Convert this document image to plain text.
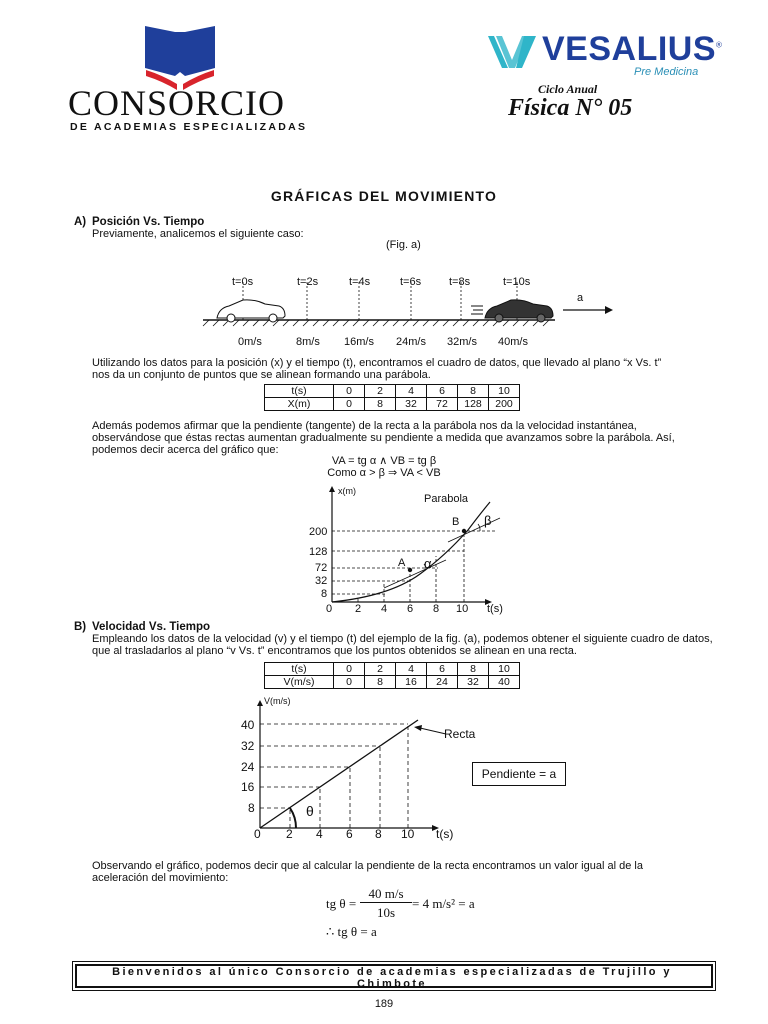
CONSORCIO
DE ACADEMIAS ESPECIALIZADAS
VESALIUS®
Pre Medicina
Ciclo Anual
Física N° 05
GRÁFICAS DEL MOVIMIENTO
A) Posición Vs. Tiempo
Previamente, analicemos el siguiente caso:
(Fig. a)
t=0s	t=2s	t=4s	t=6s	t=8s	t=10s
a
0m/s	8m/s 16m/s 24m/s 32m/s 40m/s
Utilizando los datos para la posición (x) y el tiempo (t), encontramos el cuadro de datos, que llevado al plano “x Vs. t”
nos da un conjunto de puntos que se alinean formando una parábola.
t(s)	0	2	4	6	8	10
X(m)	0	8	32	72	128	200
Además podemos afirmar que la pendiente (tangente) de la recta a la parábola nos da la velocidad instantánea,
observándose que éstas rectas aumentan gradualmente su pendiente a medida que avanzamos sobre la parábola. Así,
podemos decir acerca del gráfico que:
VA = tg α ∧ VB = tg β
Como α > β ⇒ VA < VB
x(m)
Parabola
B β
A α
200
128
72
32
8
0 2 4 6 8 10 t(s)
B) Velocidad Vs. Tiempo
Empleando los datos de la velocidad (v) y el tiempo (t) del ejemplo de la fig. (a), podemos obtener el siguiente cuadro de datos,
que al trasladarlos al plano “v Vs. t” encontramos que los puntos obtenidos se alinean en una recta.
t(s)	0	2	4	6	8	10
V(m/s)	0	8	16	24	32	40
V(m/s)
40
32
24
16
8
0 2 4 6 8 10 t(s)
θ
Recta
Pendiente = a
Observando el gráfico, podemos decir que al calcular la pendiente de la recta encontramos un valor igual al de la
aceleración del movimiento:
tg θ =
40 m/s
10s
= 4 m/s² = a
∴ tg θ = a
Bienvenidos al único Consorcio de academias especializadas de Trujillo y Chimbote
189
